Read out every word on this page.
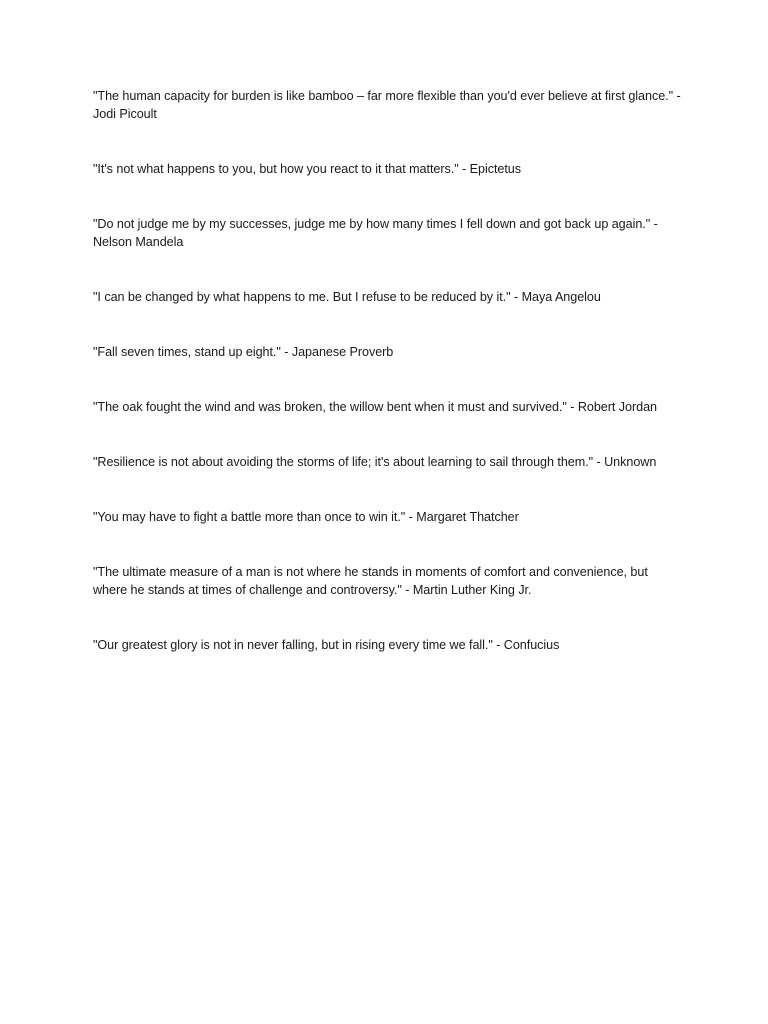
"The human capacity for burden is like bamboo – far more flexible than you'd ever believe at first glance." - Jodi Picoult

"It's not what happens to you, but how you react to it that matters." - Epictetus

"Do not judge me by my successes, judge me by how many times I fell down and got back up again." - Nelson Mandela

"I can be changed by what happens to me. But I refuse to be reduced by it." - Maya Angelou

"Fall seven times, stand up eight." - Japanese Proverb

"The oak fought the wind and was broken, the willow bent when it must and survived." - Robert Jordan

"Resilience is not about avoiding the storms of life; it's about learning to sail through them." - Unknown

"You may have to fight a battle more than once to win it." - Margaret Thatcher

"The ultimate measure of a man is not where he stands in moments of comfort and convenience, but where he stands at times of challenge and controversy." - Martin Luther King Jr.

"Our greatest glory is not in never falling, but in rising every time we fall." - Confucius
